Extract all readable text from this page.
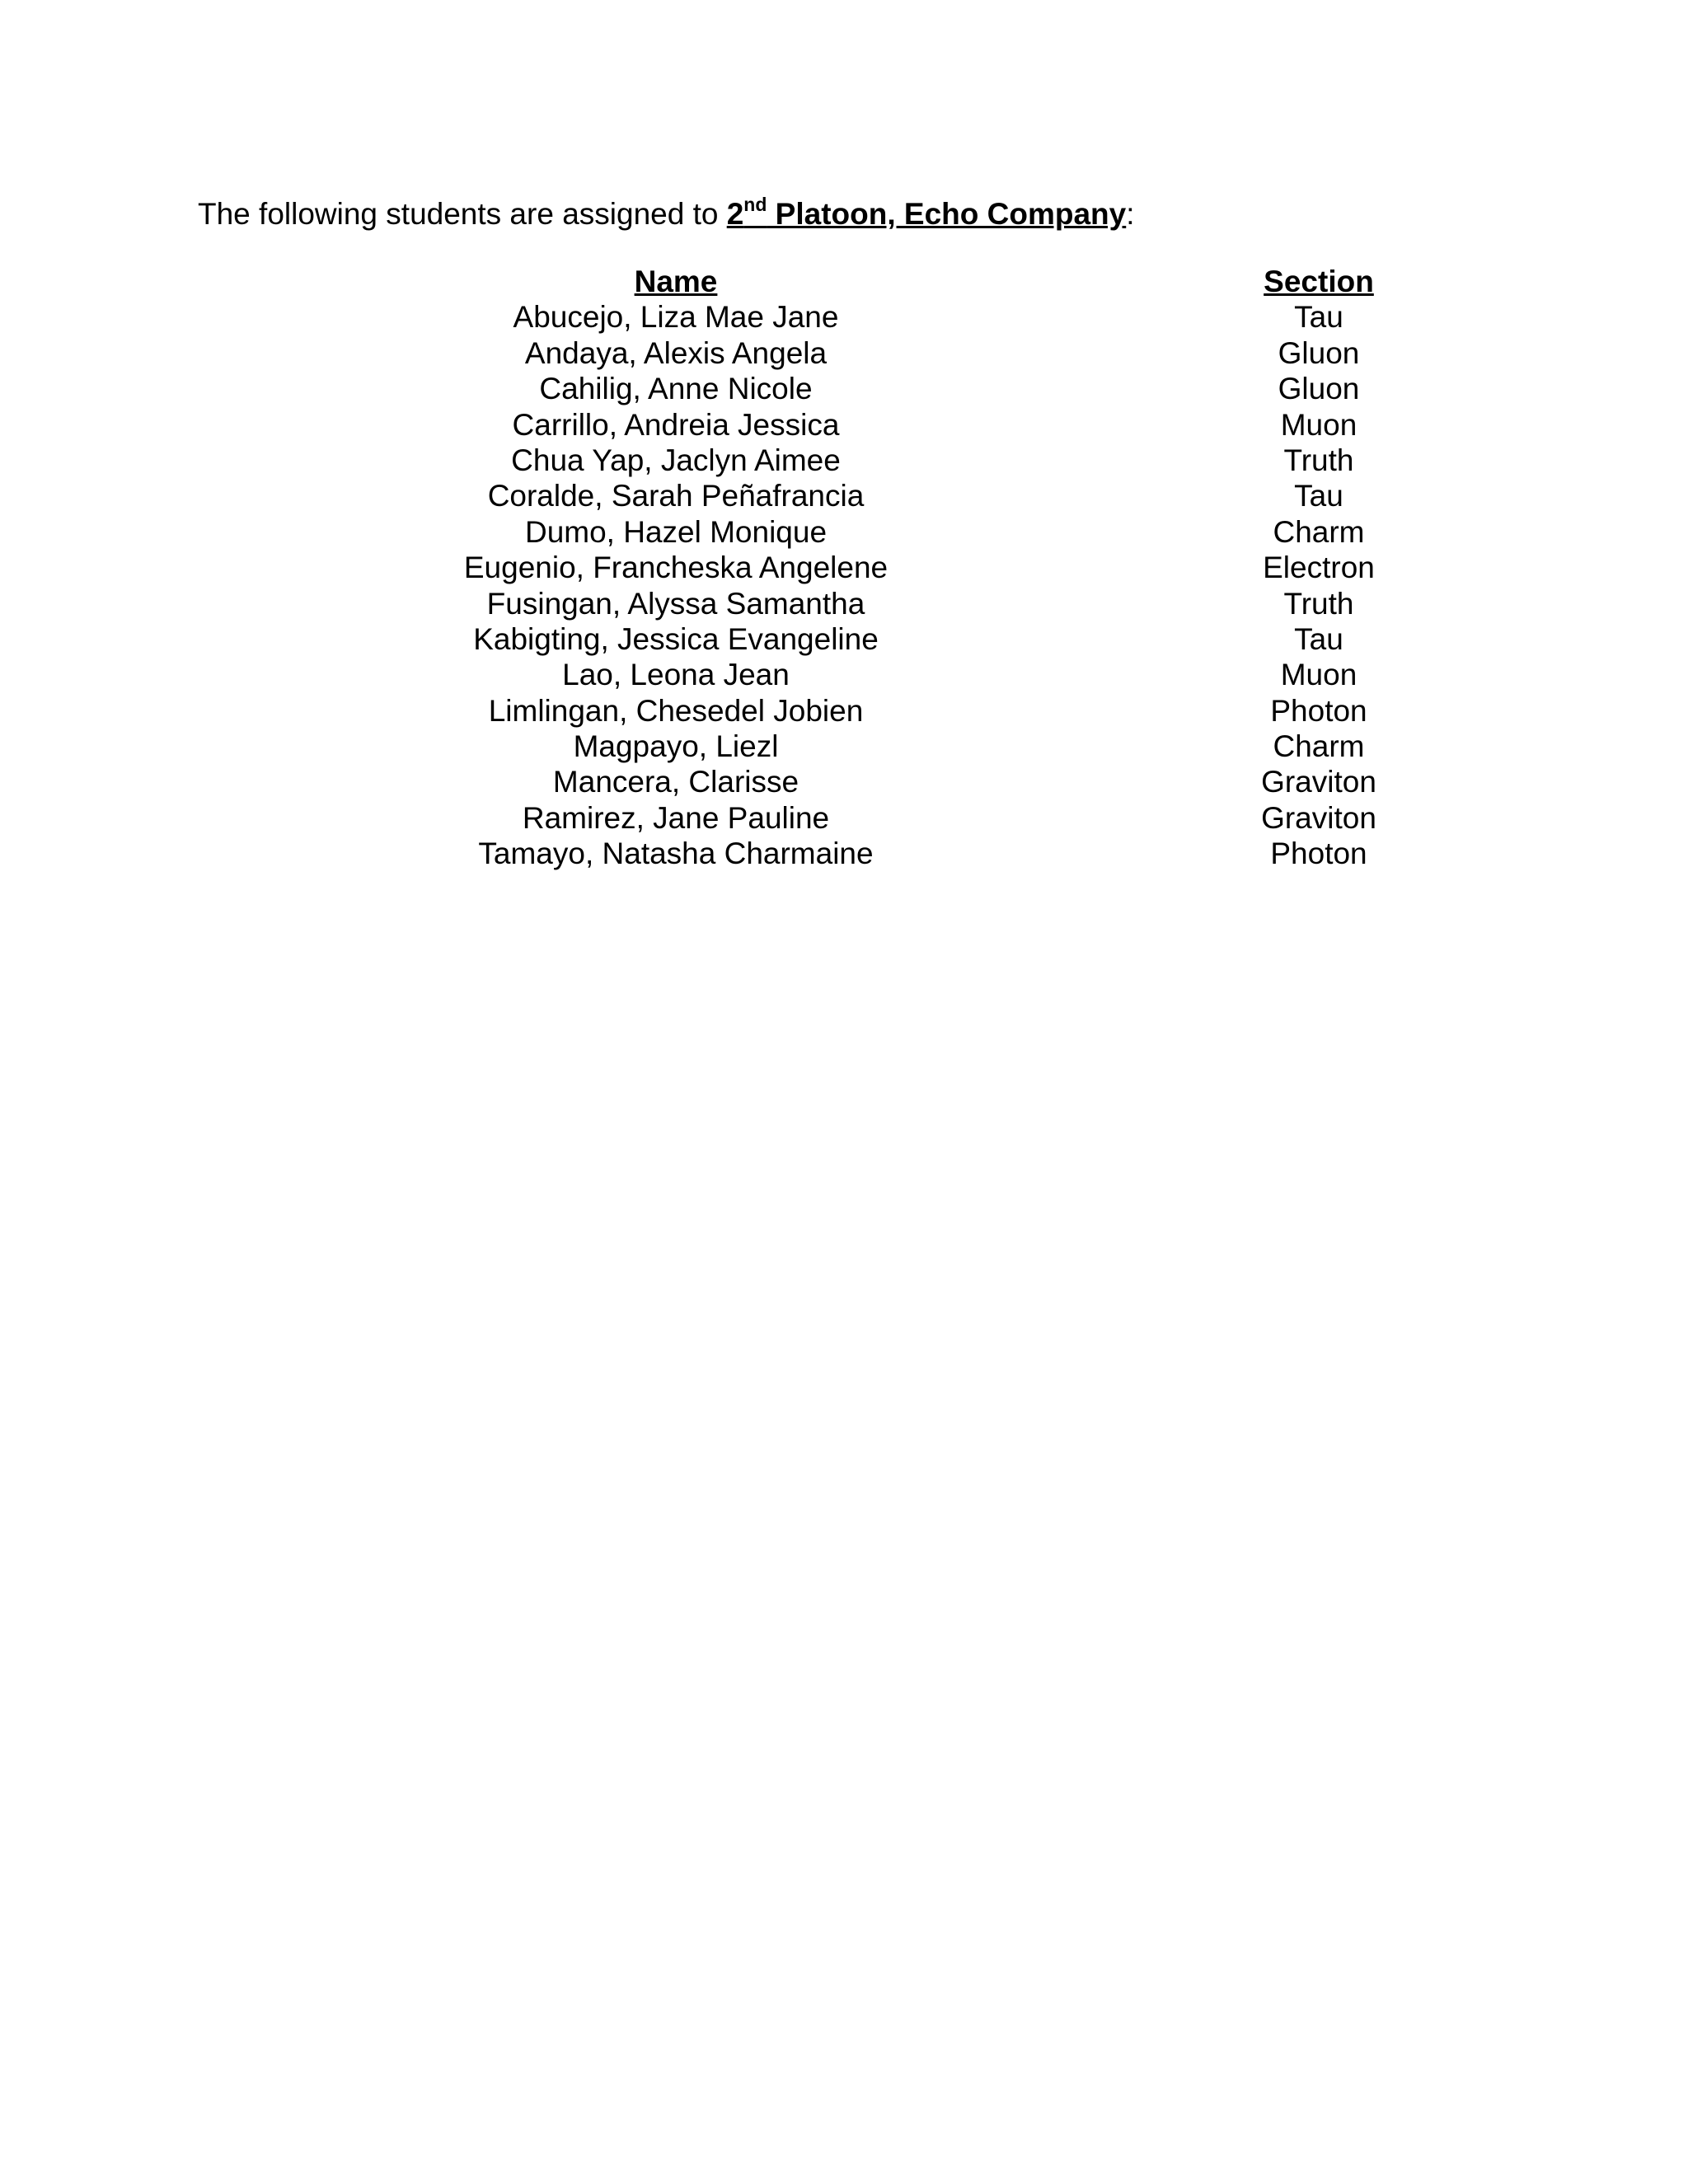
The following students are assigned to 2nd Platoon, Echo Company:
Name	Section
Abucejo, Liza Mae Jane	Tau
Andaya, Alexis Angela	Gluon
Cahilig, Anne Nicole	Gluon
Carrillo, Andreia Jessica	Muon
Chua Yap, Jaclyn Aimee	Truth
Coralde, Sarah Peñafrancia	Tau
Dumo, Hazel Monique	Charm
Eugenio, Francheska Angelene	Electron
Fusingan, Alyssa Samantha	Truth
Kabigting, Jessica Evangeline	Tau
Lao, Leona Jean	Muon
Limlingan, Chesedel Jobien	Photon
Magpayo, Liezl	Charm
Mancera, Clarisse	Graviton
Ramirez, Jane Pauline	Graviton
Tamayo, Natasha Charmaine	Photon
